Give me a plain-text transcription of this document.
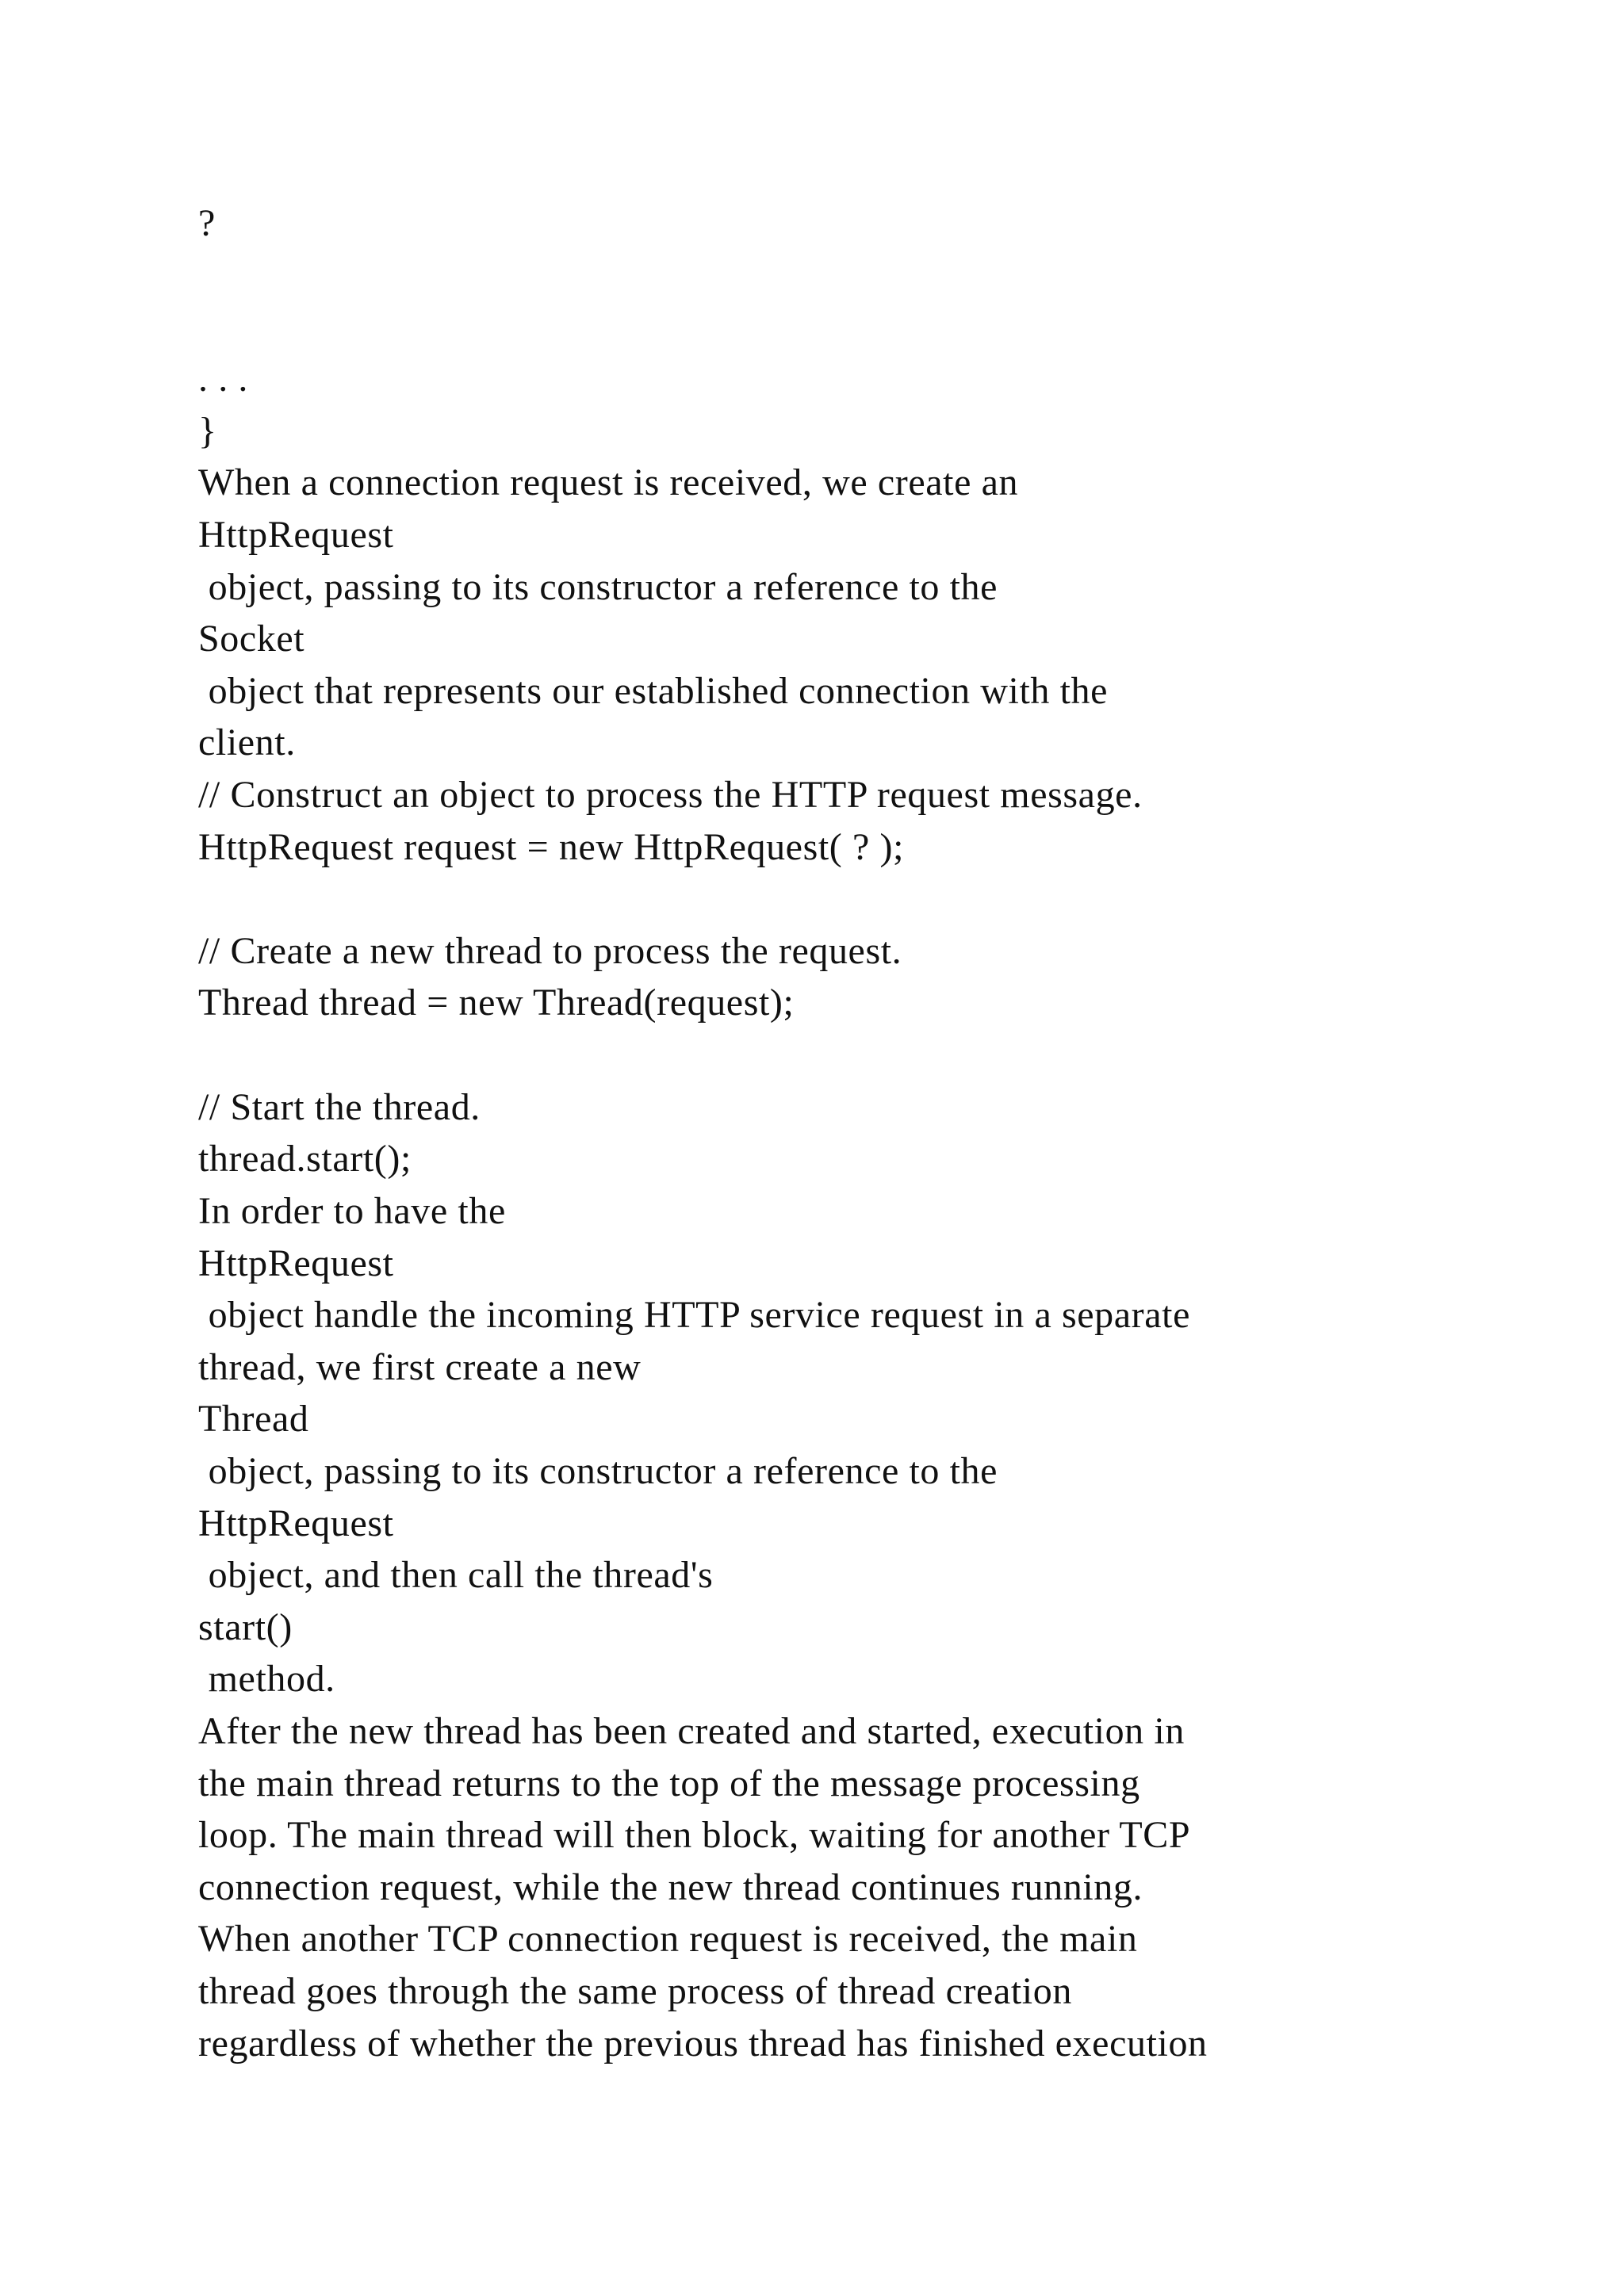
?
. . .
}
When a connection request is received, we create an
HttpRequest
object, passing to its constructor a reference to the
Socket
object that represents our established connection with the
client.
// Construct an object to process the HTTP request message.
HttpRequest request = new HttpRequest( ? );
// Create a new thread to process the request.
Thread thread = new Thread(request);
// Start the thread.
thread.start();
In order to have the
HttpRequest
object handle the incoming HTTP service request in a separate
thread, we first create a new
Thread
object, passing to its constructor a reference to the
HttpRequest
object, and then call the thread's
start()
method.
After the new thread has been created and started, execution in
the main thread returns to the top of the message processing
loop. The main thread will then block, waiting for another TCP
connection request, while the new thread continues running.
When another TCP connection request is received, the main
thread goes through the same process of thread creation
regardless of whether the previous thread has finished execution
